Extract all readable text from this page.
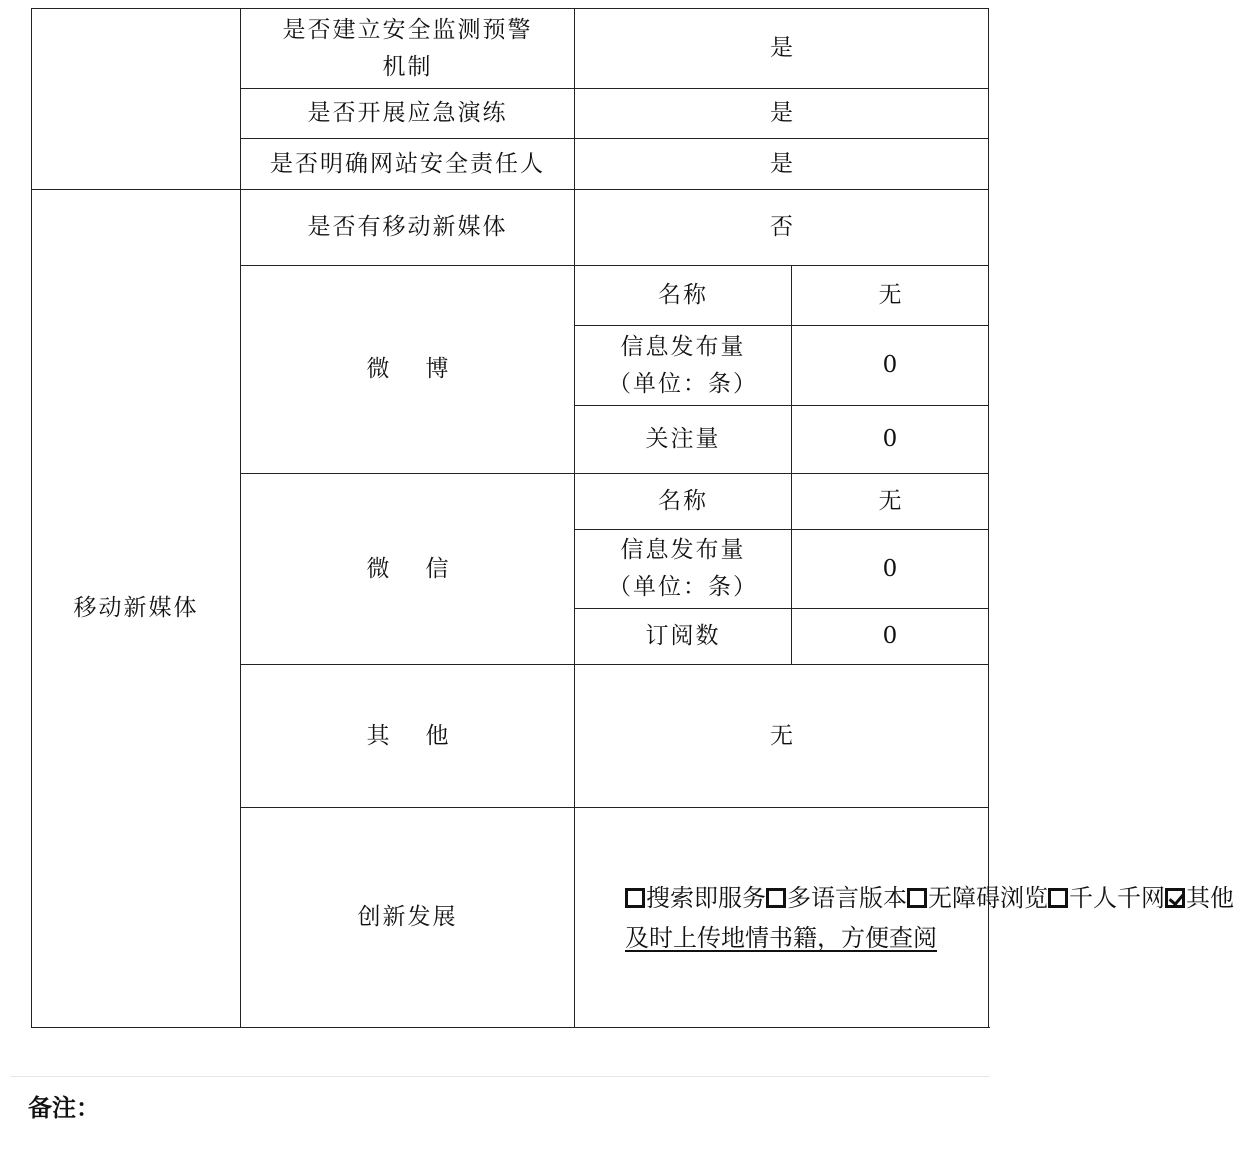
	是否建立安全监测预警
机制	是	
	是否开展应急演练	是	
	是否明确网站安全责任人	是	
移动新媒体	是否有移动新媒体	否	
	微 博	名称	无

		信息发布量
（单位：条）	0
		关注量	0
	微 信	名称	无

		信息发布量
（单位：条）	0
		订阅数	0
	其 他	无	
	创新发展	搜索即服务 多语言版本 无障碍浏览 千人千网 其他
及时上传地情书籍，方便查阅	
备注：
